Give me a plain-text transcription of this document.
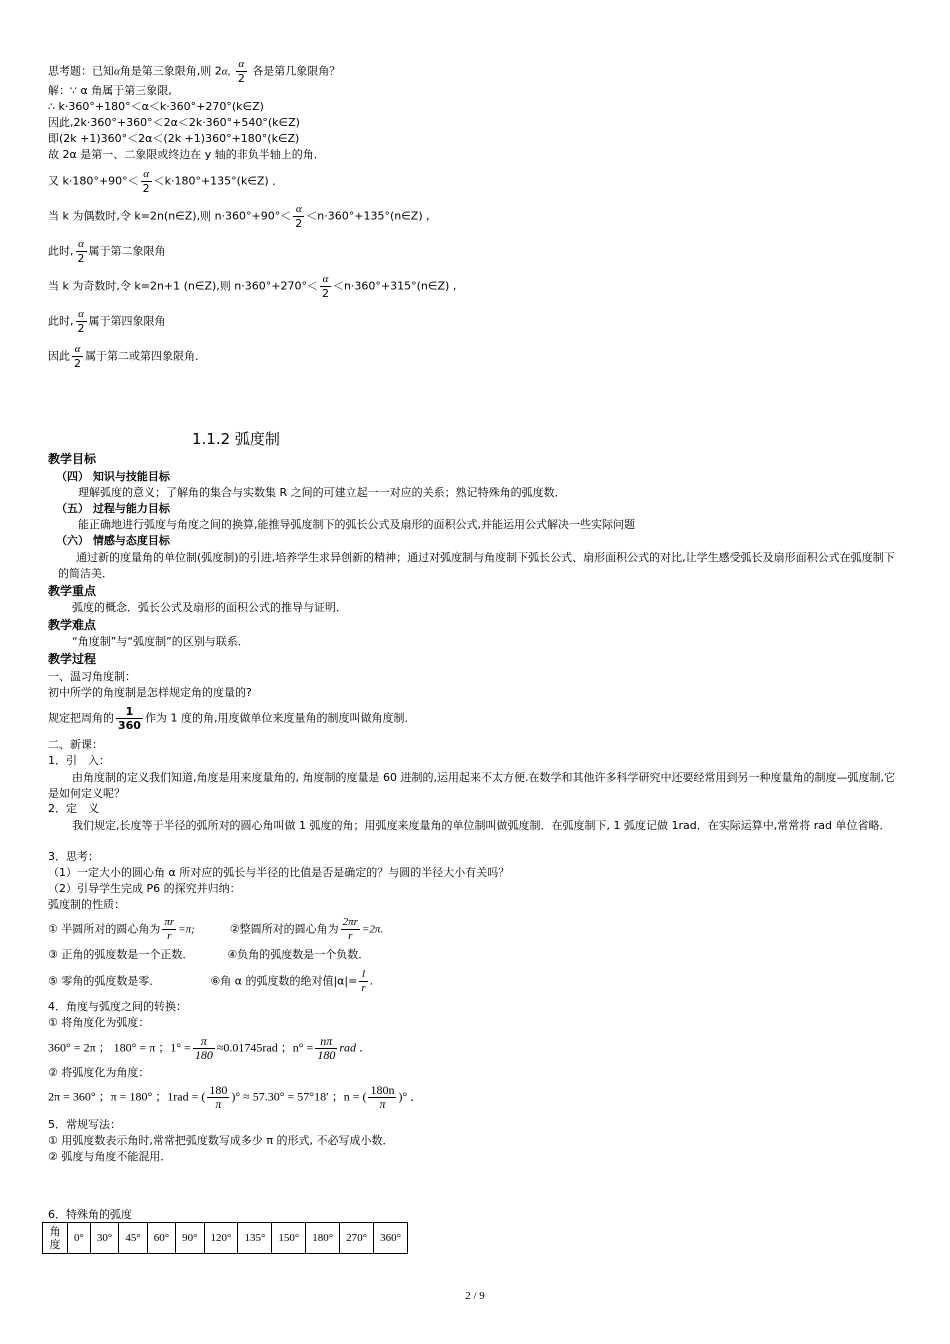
思考题：已知α角是第三象限角,则 2α, $\frac{\alpha}{2}$ 各是第几象限角？
解：∵ α 角属于第三象限,
∴ k·360°+180°＜α＜k·360°+270°(k∈Z)
因此,2k·360°+360°＜2α＜2k·360°+540°(k∈Z)
即(2k +1)360°＜2α＜(2k +1)360°+180°(k∈Z)
故 2α 是第一、二象限或终边在 y 轴的非负半轴上的角．
又 $k\cdot 180^\circ+90^\circ< \frac{\alpha}{2}$ ＜k·180°+135°(k∈Z) ．
当 k 为偶数时,令 k=2n(n∈Z),则 $n\cdot 360^\circ+90^\circ< \frac{\alpha}{2}$ ＜n·360°+135°(n∈Z) ,
此时, $\frac{\alpha}{2}$ 属于第二象限角
当 k 为奇数时,令 k=2n+1 (n∈Z),则 $n\cdot 360^\circ+270^\circ< \frac{\alpha}{2}$ ＜n·360°+315°(n∈Z) ,
此时, $\frac{\alpha}{2}$ 属于第四象限角
因此 $\frac{\alpha}{2}$ 属于第二或第四象限角．
1.1.2 弧度制
教学目标
（四） 知识与技能目标
理解弧度的意义；了解角的集合与实数集 R 之间的可建立起一一对应的关系；熟记特殊角的弧度数．
（五） 过程与能力目标
能正确地进行弧度与角度之间的换算,能推导弧度制下的弧长公式及扇形的面积公式,并能运用公式解决一些实际问题
（六） 情感与态度目标
通过新的度量角的单位制(弧度制)的引进,培养学生求异创新的精神；通过对弧度制与角度制下弧长公式、扇形面积公式的对比,让学生感受弧长及扇形面积公式在弧度制下的简洁美．
教学重点
弧度的概念．弧长公式及扇形的面积公式的推导与证明．
教学难点
“角度制”与“弧度制”的区别与联系．
教学过程
一、温习角度制：
初中所学的角度制是怎样规定角的度量的?
规定把周角的 $\frac{1}{360}$ 作为 1 度的角,用度做单位来度量角的制度叫做角度制．
二、新课：
1．引　入：
由角度制的定义我们知道,角度是用来度量角的, 角度制的度量是 60 进制的,运用起来不太方便.在数学和其他许多科学研究中还要经常用到另一种度量角的制度—弧度制,它是如何定义呢？
2．定　义
我们规定,长度等于半径的弧所对的圆心角叫做 1 弧度的角；用弧度来度量角的单位制叫做弧度制．在弧度制下, 1 弧度记做 1rad．在实际运算中,常常将 rad 单位省略．
3．思考：
（1）一定大小的圆心角 α 所对应的弧长与半径的比值是否是确定的？与圆的半径大小有关吗？
（2）引导学生完成 P6 的探究并归纳：
弧度制的性质：
① 半圆所对的圆心角为 $\frac{\pi r}{r} =\pi$;	②整圆所对的圆心角为 $\frac{2\pi r}{r} =2\pi$.
③ 正角的弧度数是一个正数．	④负角的弧度数是一个负数．
⑤ 零角的弧度数是零．	⑥角 α 的弧度数的绝对值$|\alpha|= \frac{l}{r}$ .
4．角度与弧度之间的转换：
① 将角度化为弧度：
360° = 2π ； 180° = π ；$1^\circ = \frac{\pi}{180} \approx 0.01745rad$ ；$n^\circ = \frac{n\pi}{180}$ rad ．
② 将弧度化为角度：
2π = 360° ；π = 180° ；1rad = ( $\frac{180}{\pi}$ )° ≈ 57.30° = 57°18′ ；n = ( $\frac{180n}{\pi}$ )° ．
5．常规写法：
① 用弧度数表示角时,常常把弧度数写成多少 π 的形式, 不必写成小数．
② 弧度与角度不能混用．
6．特殊角的弧度
角度	0°	30°	45°	60°	90°	120°	135°	150°	180°	270°	360°
2 / 9
